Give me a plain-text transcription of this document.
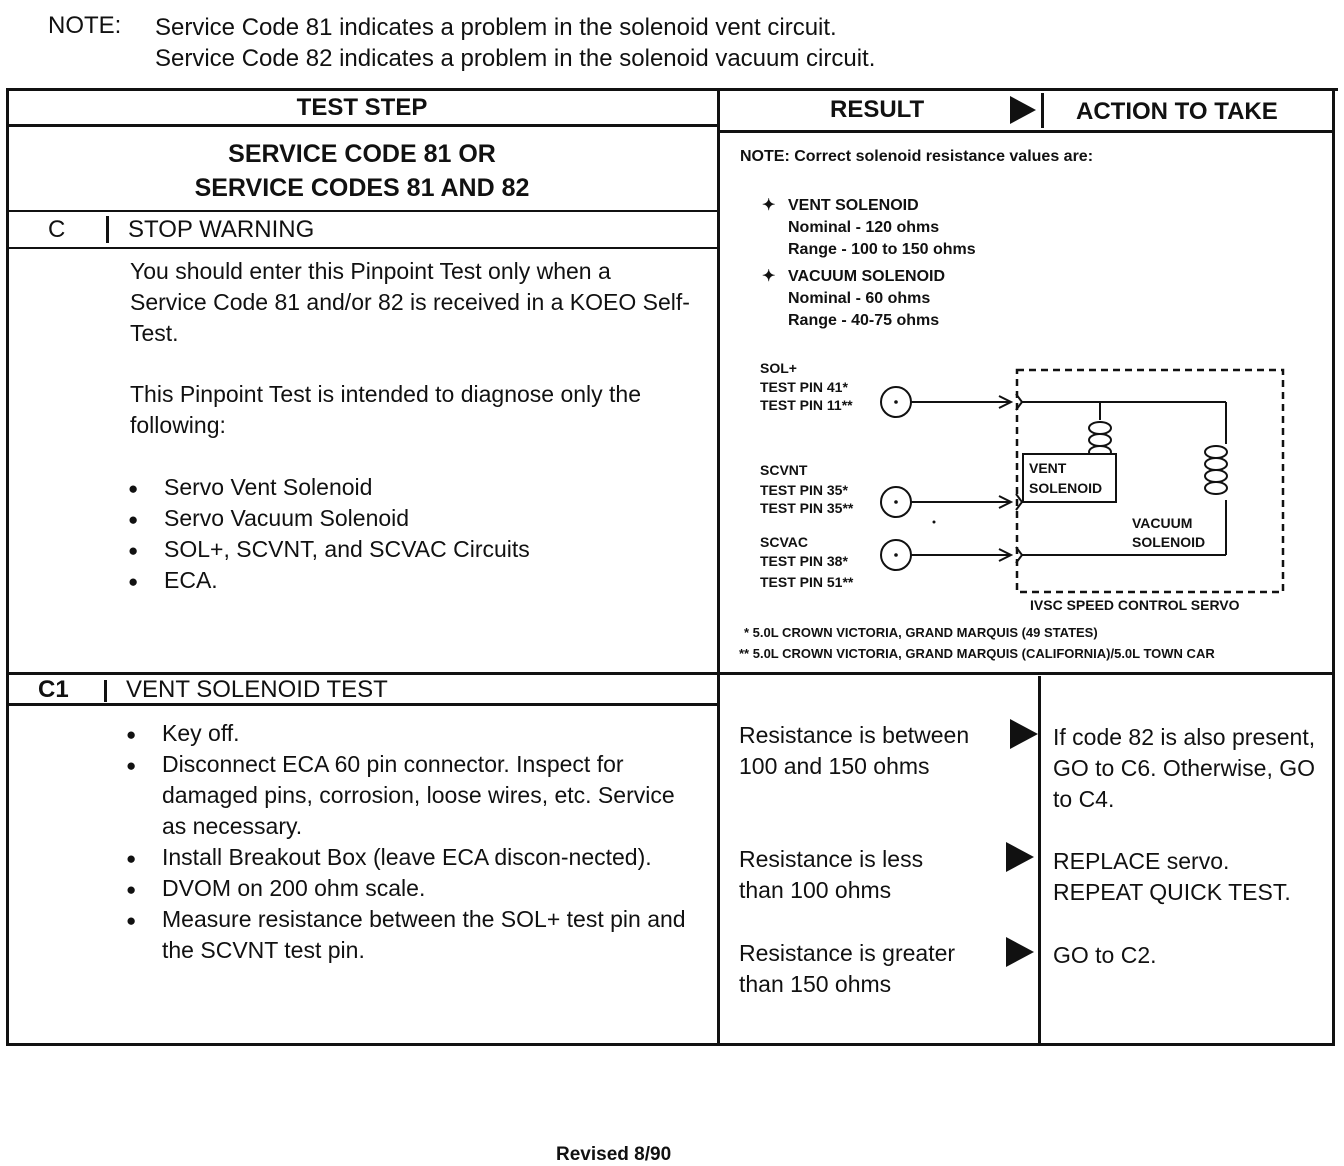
NOTE: Service Code 81 indicates a problem in the solenoid vent circuit.
Service Code 82 indicates a problem in the solenoid vacuum circuit.
TEST STEP	RESULT	ACTION TO TAKE
SERVICE CODE 81 OR
SERVICE CODES 81 AND 82
C	STOP WARNING
You should enter this Pinpoint Test only when a Service Code 81 and/or 82 is received in a KOEO Self-Test.
This Pinpoint Test is intended to diagnose only the following:
● Servo Vent Solenoid
● Servo Vacuum Solenoid
● SOL+, SCVNT, and SCVAC Circuits
● ECA.
NOTE: Correct solenoid resistance values are:
✦ VENT SOLENOID
Nominal - 120 ohms
Range - 100 to 150 ohms
✦ VACUUM SOLENOID
Nominal - 60 ohms
Range - 40-75 ohms
SOL+
TEST PIN 41*
TEST PIN 11**
SCVNT
TEST PIN 35*
TEST PIN 35**
SCVAC
TEST PIN 38*
TEST PIN 51**
VENT
SOLENOID
VACUUM
SOLENOID
IVSC SPEED CONTROL SERVO
* 5.0L CROWN VICTORIA, GRAND MARQUIS (49 STATES)
** 5.0L CROWN VICTORIA, GRAND MARQUIS (CALIFORNIA)/5.0L TOWN CAR
C1 VENT SOLENOID TEST
● Key off.
● Disconnect ECA 60 pin connector. Inspect for damaged pins, corrosion, loose wires, etc. Service as necessary.
● Install Breakout Box (leave ECA discon-nected).
● DVOM on 200 ohm scale.
● Measure resistance between the SOL+ test pin and the SCVNT test pin.
Resistance is between 100 and 150 ohms
If code 82 is also present, GO to C6. Otherwise, GO to C4.
Resistance is less than 100 ohms
REPLACE servo. REPEAT QUICK TEST.
Resistance is greater than 150 ohms
GO to C2.
Revised 8/90
